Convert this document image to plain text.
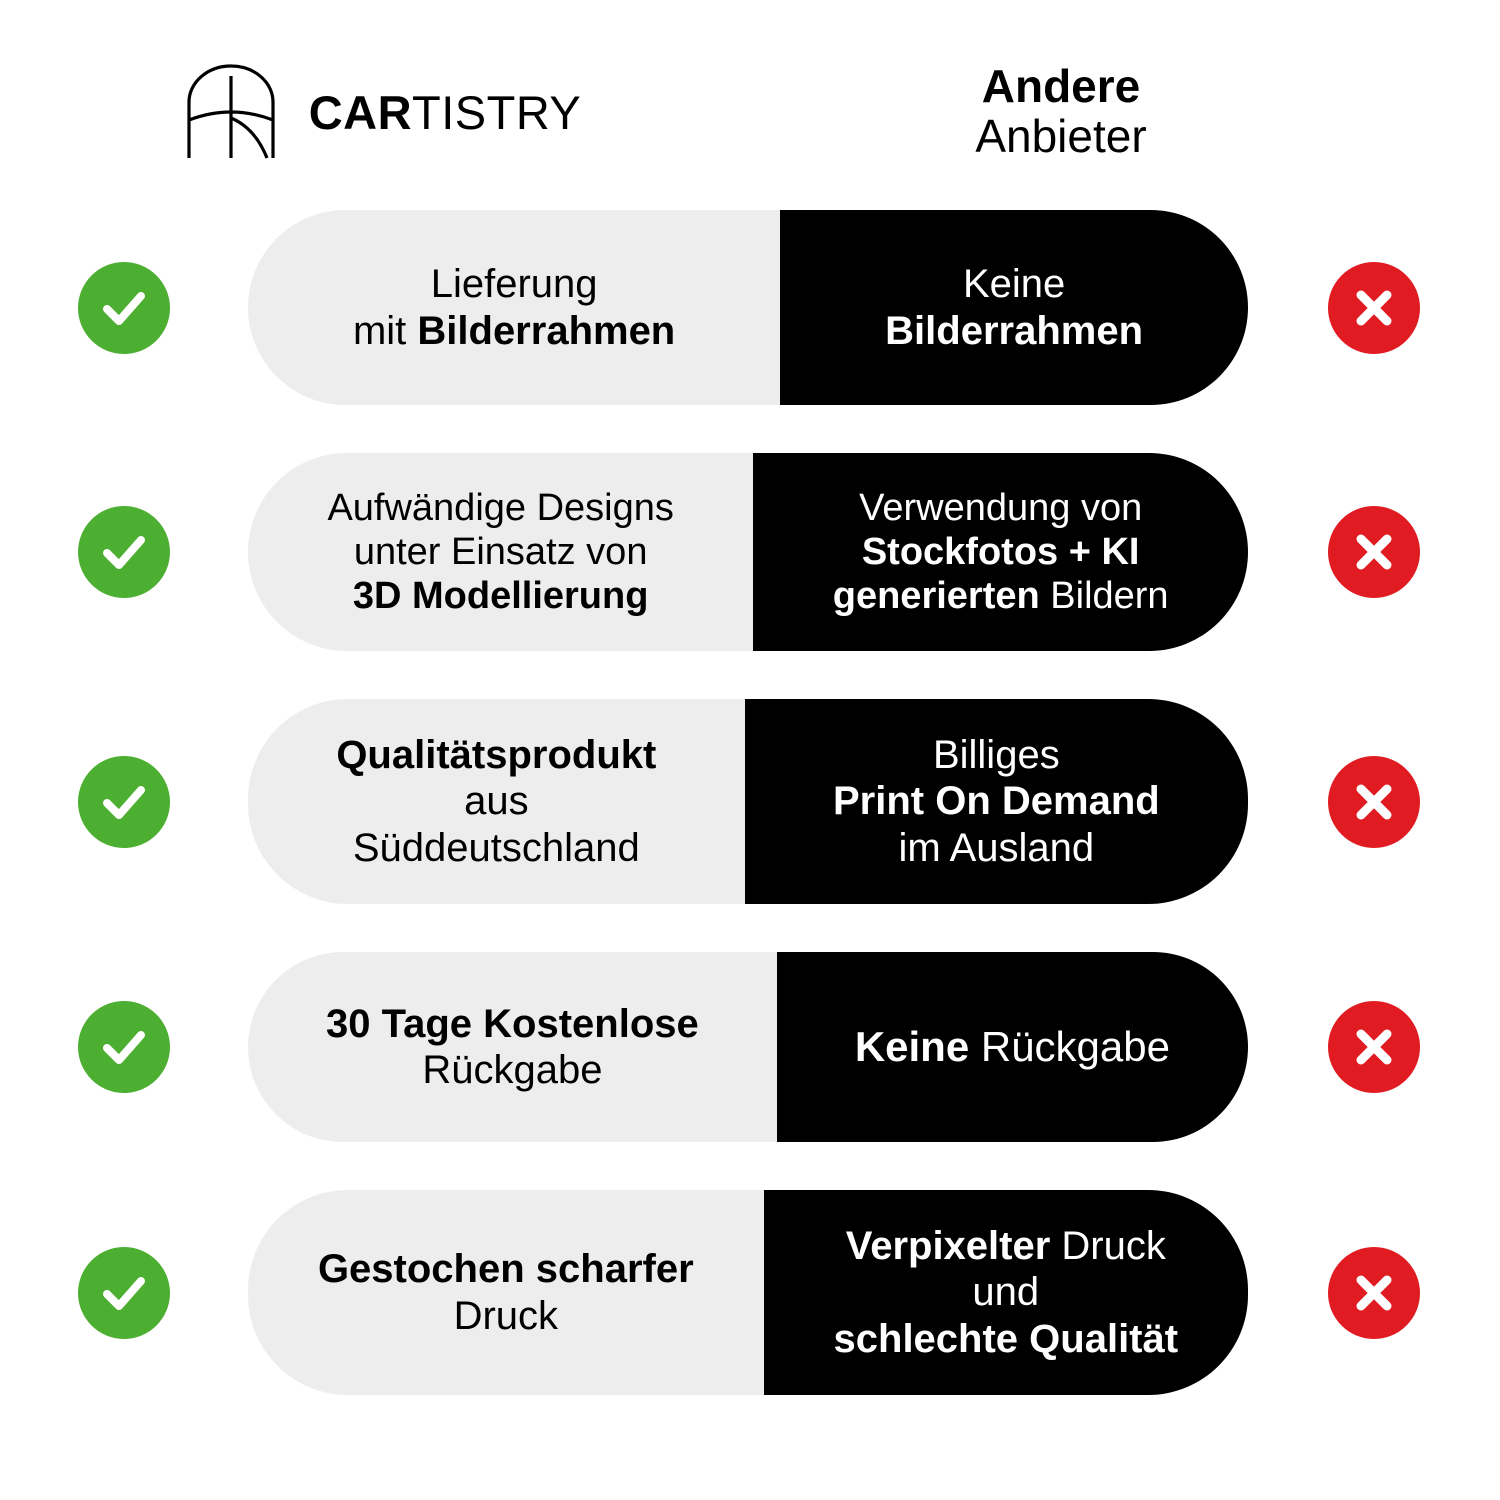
CARTISTRY	Andere
Anbieter

Lieferung
mit Bilderrahmen

Keine
Bilderrahmen

Aufwändige Designs
unter Einsatz von
3D Modellierung

Verwendung von
Stockfotos + KI
generierten Bildern

Qualitätsprodukt
aus
Süddeutschland

Billiges
Print On Demand
im Ausland

30 Tage Kostenlose
Rückgabe

Keine Rückgabe

Gestochen scharfer
Druck

Verpixelter Druck
und
schlechte Qualität
